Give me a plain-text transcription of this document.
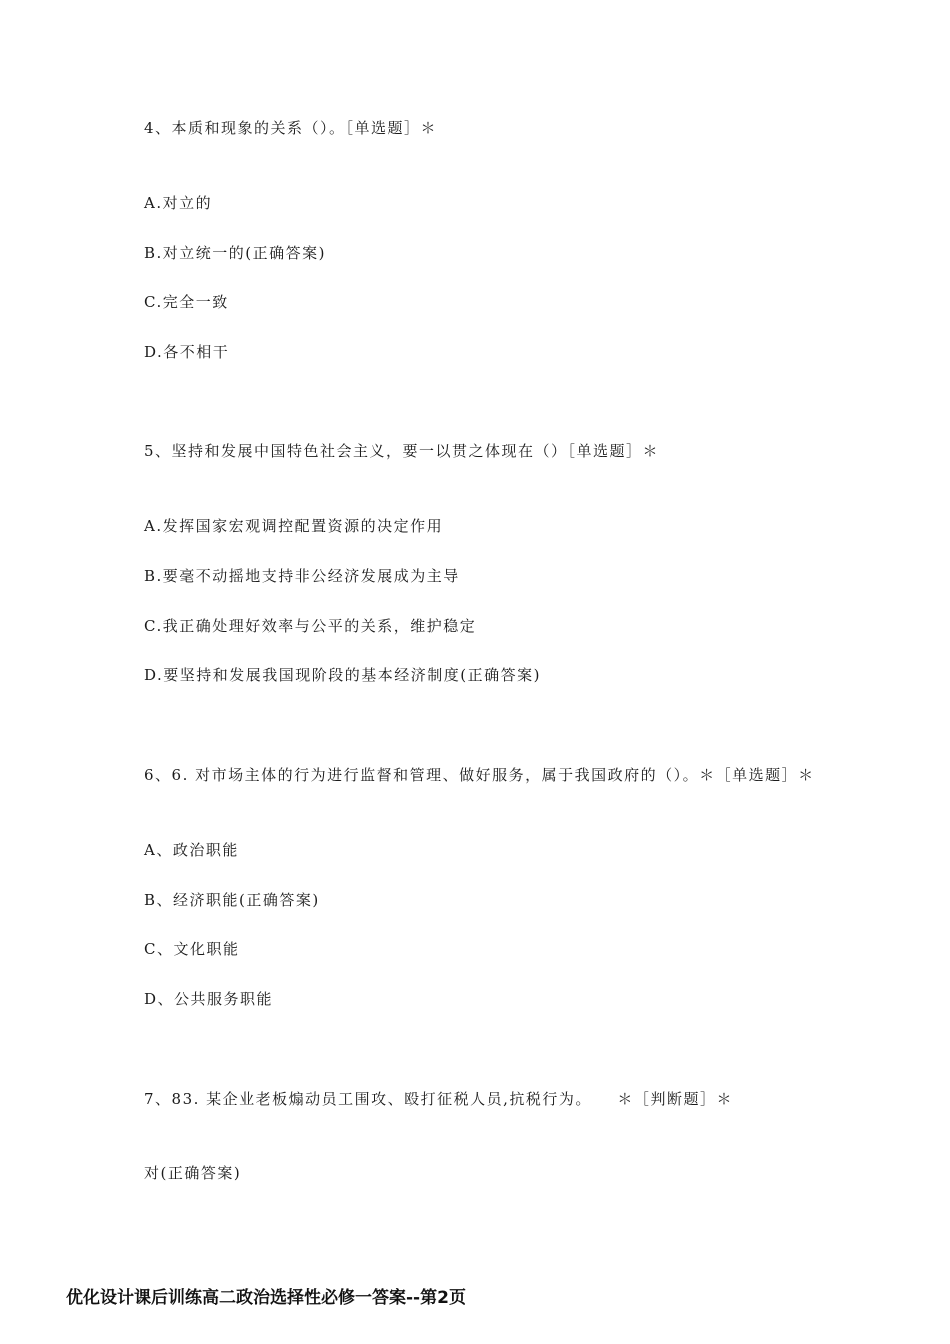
4、本质和现象的关系（）。［单选题］＊
A.对立的
B.对立统一的(正确答案)
C.完全一致
D.各不相干
5、坚持和发展中国特色社会主义，要一以贯之体现在（）［单选题］＊
A.发挥国家宏观调控配置资源的决定作用
B.要毫不动摇地支持非公经济发展成为主导
C.我正确处理好效率与公平的关系，维护稳定
D.要坚持和发展我国现阶段的基本经济制度(正确答案)
6、6. 对市场主体的行为进行监督和管理、做好服务，属于我国政府的（）。＊［单选题］＊
A、政治职能
B、经济职能(正确答案)
C、文化职能
D、公共服务职能
7、83. 某企业老板煽动员工围攻、殴打征税人员,抗税行为。　　＊［判断题］＊
对(正确答案)
优化设计课后训练高二政治选择性必修一答案--第2页
